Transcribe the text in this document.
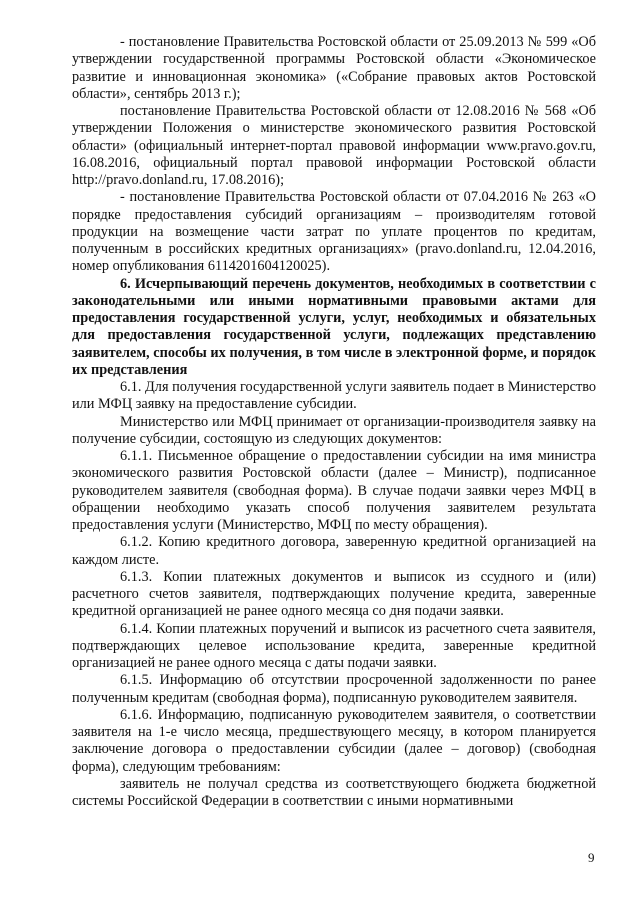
- постановление Правительства Ростовской области от 25.09.2013 № 599 «Об утверждении государственной программы Ростовской области «Экономическое развитие и инновационная экономика» («Собрание правовых актов Ростовской области», сентябрь 2013 г.);

постановление Правительства Ростовской области от 12.08.2016 № 568 «Об утверждении Положения о министерстве экономического развития Ростовской области» (официальный интернет-портал правовой информации www.pravo.gov.ru, 16.08.2016, официальный портал правовой информации Ростовской области http://pravo.donland.ru, 17.08.2016);

- постановление Правительства Ростовской области от 07.04.2016 № 263 «О порядке предоставления субсидий организациям – производителям готовой продукции на возмещение части затрат по уплате процентов по кредитам, полученным в российских кредитных организациях» (pravo.donland.ru, 12.04.2016, номер опубликования 6114201604120025).

6. Исчерпывающий перечень документов, необходимых в соответствии с законодательными или иными нормативными правовыми актами для предоставления государственной услуги, услуг, необходимых и обязательных для предоставления государственной услуги, подлежащих представлению заявителем, способы их получения, в том числе в электронной форме, и порядок их представления

6.1. Для получения государственной услуги заявитель подает в Министерство или МФЦ заявку на предоставление субсидии.

Министерство или МФЦ принимает от организации-производителя заявку на получение субсидии, состоящую из следующих документов:

6.1.1. Письменное обращение о предоставлении субсидии на имя министра экономического развития Ростовской области (далее – Министр), подписанное руководителем заявителя (свободная форма). В случае подачи заявки через МФЦ в обращении необходимо указать способ получения заявителем результата предоставления услуги (Министерство, МФЦ по месту обращения).

6.1.2. Копию кредитного договора, заверенную кредитной организацией на каждом листе.

6.1.3. Копии платежных документов и выписок из ссудного и (или) расчетного счетов заявителя, подтверждающих получение кредита, заверенные кредитной организацией не ранее одного месяца со дня подачи заявки.

6.1.4. Копии платежных поручений и выписок из расчетного счета заявителя, подтверждающих целевое использование кредита, заверенные кредитной организацией не ранее одного месяца с даты подачи заявки.

6.1.5. Информацию об отсутствии просроченной задолженности по ранее полученным кредитам (свободная форма), подписанную руководителем заявителя.

6.1.6. Информацию, подписанную руководителем заявителя, о соответствии заявителя на 1-е число месяца, предшествующего месяцу, в котором планируется заключение договора о предоставлении субсидии (далее – договор) (свободная форма), следующим требованиям:

заявитель не получал средства из соответствующего бюджета бюджетной системы Российской Федерации в соответствии с иными нормативными

9
